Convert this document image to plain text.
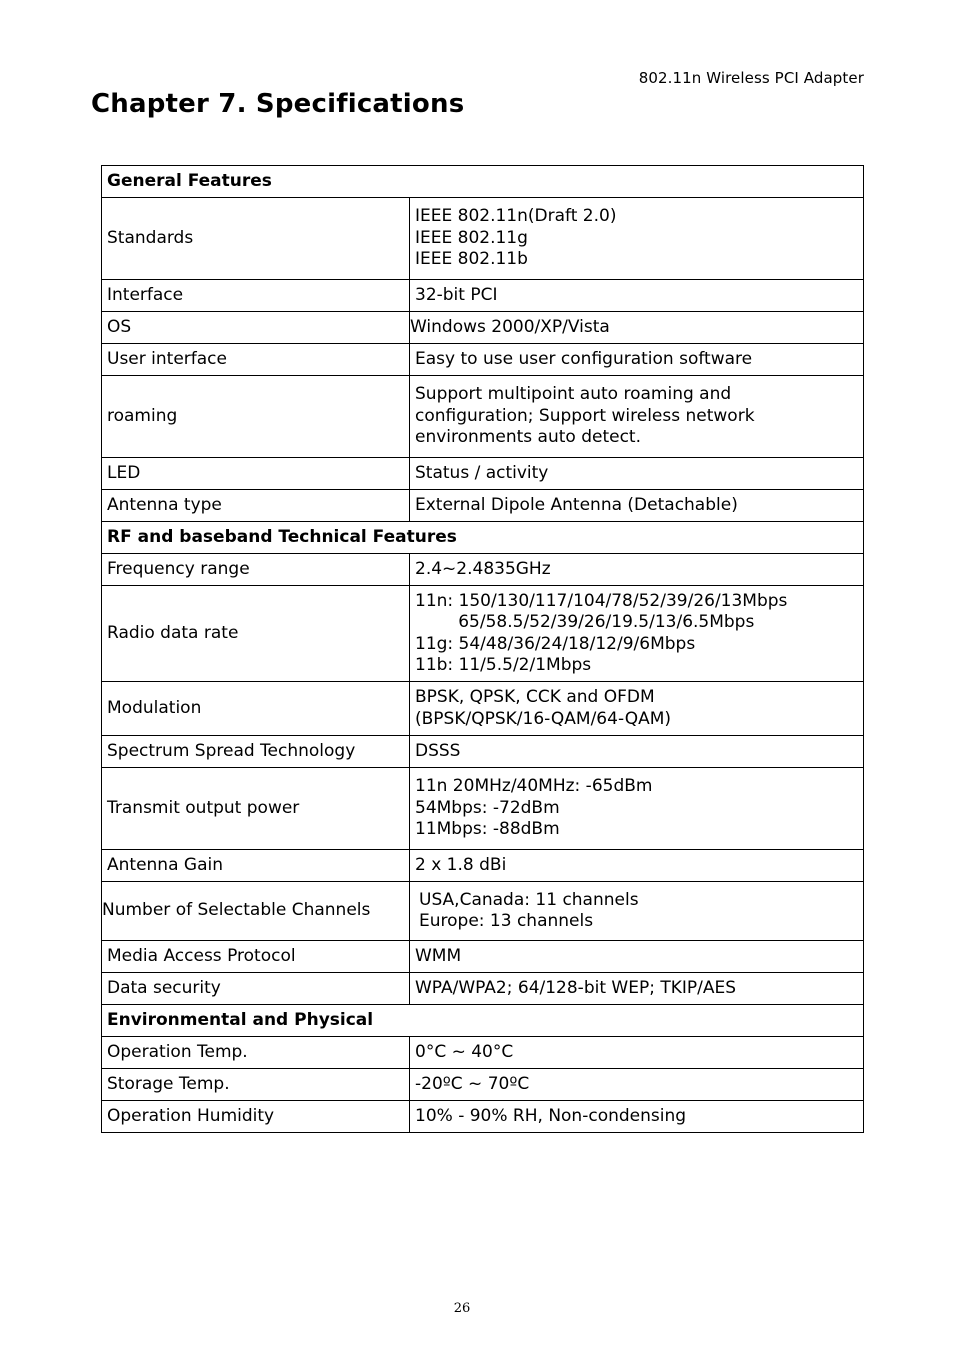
802.11n Wireless PCI Adapter
Chapter 7. Specifications
General Features	
Standards	IEEE 802.11n(Draft 2.0)
IEEE 802.11g
IEEE 802.11b
Interface	32-bit PCI
OS	Windows 2000/XP/Vista
User interface	Easy to use user configuration software
roaming	Support multipoint auto roaming and
configuration; Support wireless network
environments auto detect.
LED	Status / activity
Antenna type	External Dipole Antenna (Detachable)
RF and baseband Technical Features	
Frequency range	2.4~2.4835GHz
Radio data rate	11n: 150/130/117/104/78/52/39/26/13Mbps
65/58.5/52/39/26/19.5/13/6.5Mbps
11g: 54/48/36/24/18/12/9/6Mbps
11b: 11/5.5/2/1Mbps
Modulation	BPSK, QPSK, CCK and OFDM
(BPSK/QPSK/16-QAM/64-QAM)
Spectrum Spread Technology	DSSS
Transmit output power	11n 20MHz/40MHz: -65dBm
54Mbps: -72dBm
11Mbps: -88dBm
Antenna Gain	2 x 1.8 dBi
Number of Selectable Channels	USA,Canada: 11 channels
Europe: 13 channels
Media Access Protocol	WMM
Data security	WPA/WPA2; 64/128-bit WEP; TKIP/AES
Environmental and Physical	
Operation Temp.	0°C ~ 40°C
Storage Temp.	-20ºC ~ 70ºC
Operation Humidity	10% - 90% RH, Non-condensing
26
